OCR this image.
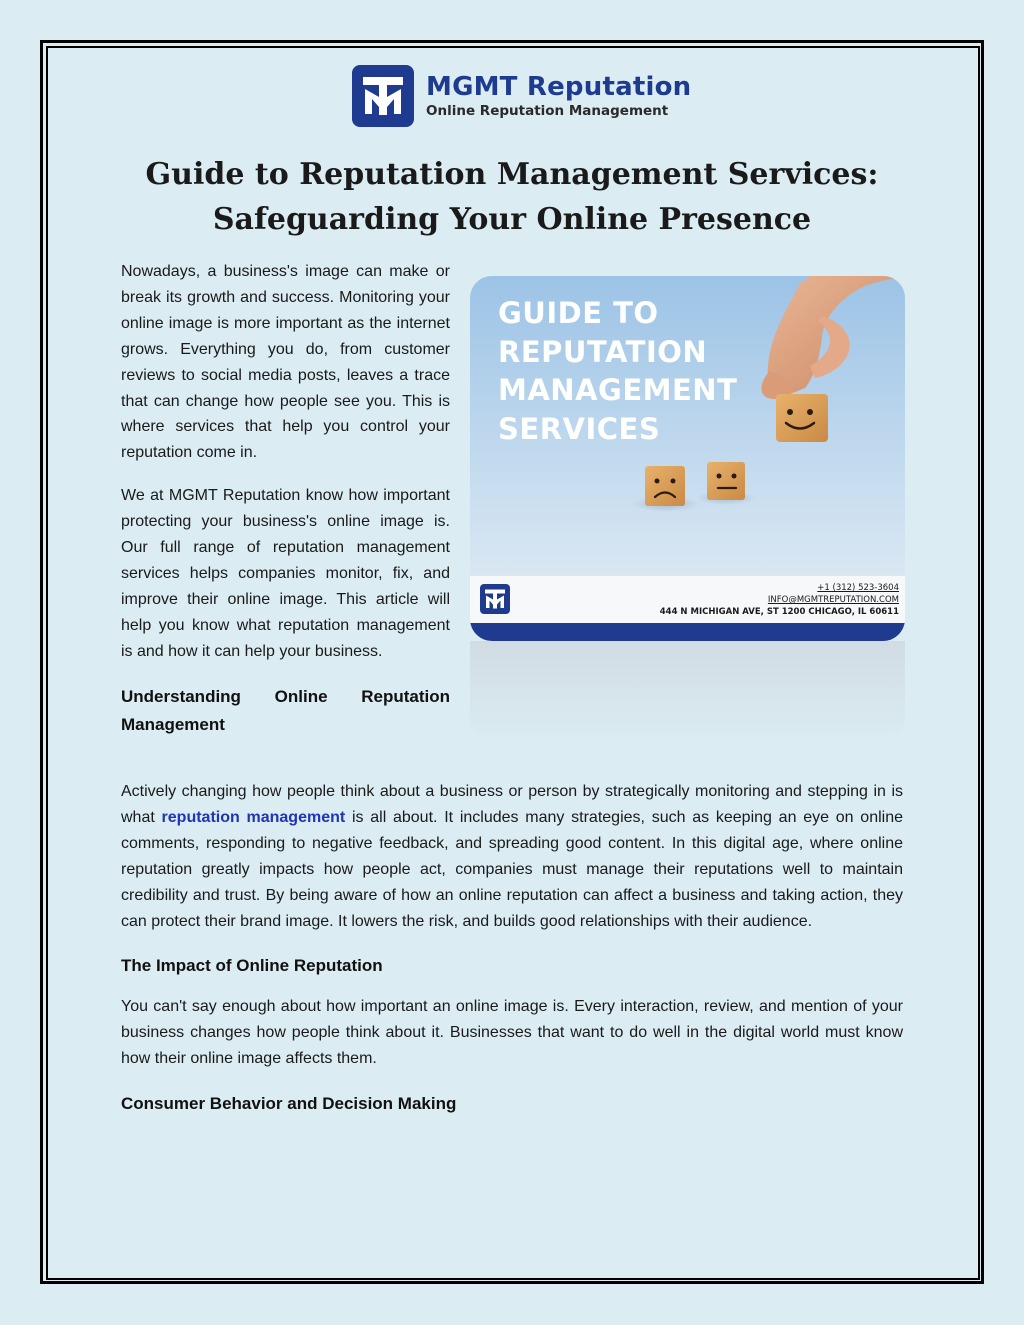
MGMT Reputation
Online Reputation Management
Guide to Reputation Management Services:
Safeguarding Your Online Presence

Nowadays, a business's image can make or break its growth and success. Monitoring your online image is more important as the internet grows. Everything you do, from customer reviews to social media posts, leaves a trace that can change how people see you. This is where services that help you control your reputation come in.

We at MGMT Reputation know how important protecting your business's online image is. Our full range of reputation management services helps companies monitor, fix, and improve their online image. This article will help you know what reputation management is and how it can help your business.

Understanding Online Reputation Management
GUIDE TO
REPUTATION
MANAGEMENT
SERVICES
+1 (312) 523-3604
INFO@MGMTREPUTATION.COM
444 N MICHIGAN AVE, ST 1200 CHICAGO, IL 60611

Actively changing how people think about a business or person by strategically monitoring and stepping in is what reputation management is all about. It includes many strategies, such as keeping an eye on online comments, responding to negative feedback, and spreading good content. In this digital age, where online reputation greatly impacts how people act, companies must manage their reputations well to maintain credibility and trust. By being aware of how an online reputation can affect a business and taking action, they can protect their brand image. It lowers the risk, and builds good relationships with their audience.

The Impact of Online Reputation

You can't say enough about how important an online image is. Every interaction, review, and mention of your business changes how people think about it. Businesses that want to do well in the digital world must know how their online image affects them.

Consumer Behavior and Decision Making
